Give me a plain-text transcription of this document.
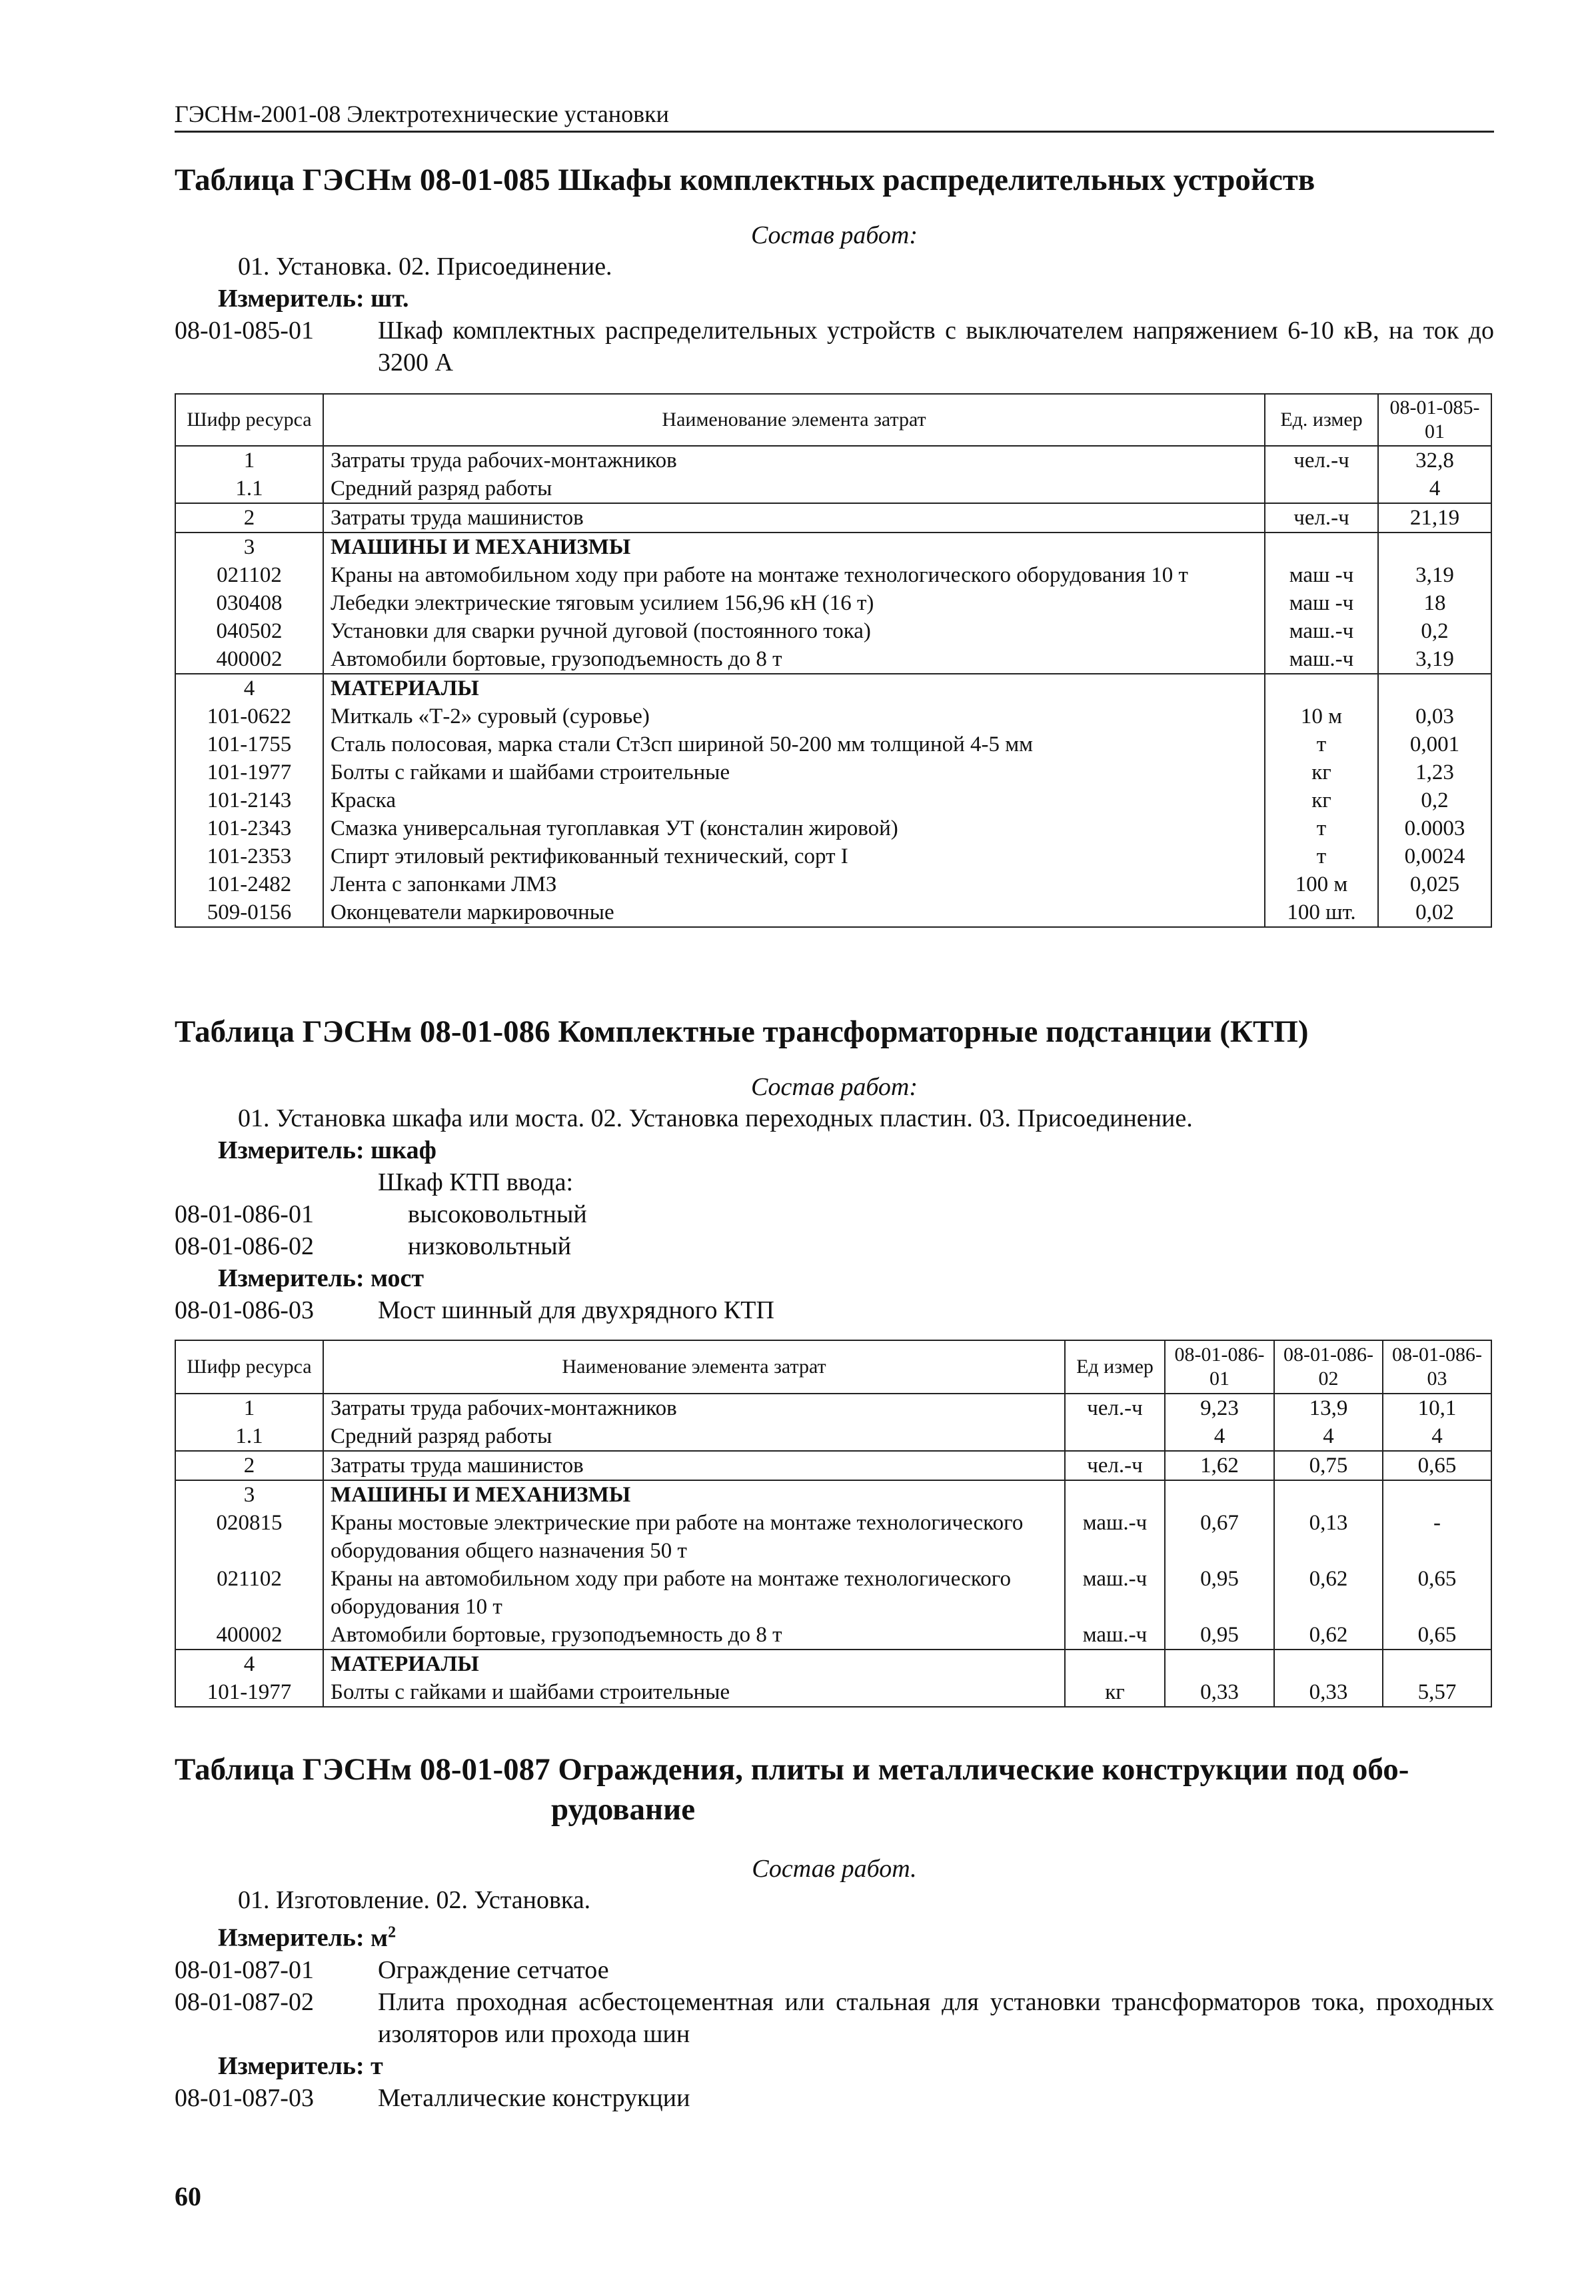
ГЭСНм-2001-08 Электротехнические установки
Таблица ГЭСНм 08-01-085 Шкафы комплектных распределительных устройств
Состав работ:
01. Установка. 02. Присоединение.
Измеритель: шт.
08-01-085-01	Шкаф комплектных распределительных устройств с выключателем напряжением 6-10 кВ, на ток до 3200 А
Шифр ресурса	Наименование элемента затрат	Ед. измер	08-01-085-01
1	Затраты труда рабочих-монтажников	чел.-ч	32,8
1.1	Средний разряд работы		4
2	Затраты труда машинистов	чел.-ч	21,19
3	МАШИНЫ И МЕХАНИЗМЫ		
021102	Краны на автомобильном ходу при работе на монтаже технологического оборудования 10 т	маш -ч	3,19
030408	Лебедки электрические тяговым усилием 156,96 кН (16 т)	маш -ч	18
040502	Установки для сварки ручной дуговой (постоянного тока)	маш.-ч	0,2
400002	Автомобили бортовые, грузоподъемность до 8 т	маш.-ч	3,19
4	МАТЕРИАЛЫ		
101-0622	Миткаль «Т-2» суровый (суровье)	10 м	0,03
101-1755	Сталь полосовая, марка стали Ст3сп шириной 50-200 мм толщиной 4-5 мм	т	0,001
101-1977	Болты с гайками и шайбами строительные	кг	1,23
101-2143	Краска	кг	0,2
101-2343	Смазка универсальная тугоплавкая УТ (консталин жировой)	т	0.0003
101-2353	Спирт этиловый ректификованный технический, сорт I	т	0,0024
101-2482	Лента с запонками ЛМЗ	100 м	0,025
509-0156	Оконцеватели маркировочные	100 шт.	0,02
Таблица ГЭСНм 08-01-086 Комплектные трансформаторные подстанции (КТП)
Состав работ:
01. Установка шкафа или моста. 02. Установка переходных пластин. 03. Присоединение.
Измеритель: шкаф
Шкаф КТП ввода:
08-01-086-01	высоковольтный
08-01-086-02	низковольтный
Измеритель: мост
08-01-086-03	Мост шинный для двухрядного КТП
Шифр ресурса	Наименование элемента затрат	Ед измер	08-01-086-01	08-01-086-02	08-01-086-03
1	Затраты труда рабочих-монтажников	чел.-ч	9,23	13,9	10,1
1.1	Средний разряд работы		4	4	4
2	Затраты труда машинистов	чел.-ч	1,62	0,75	0,65
3	МАШИНЫ И МЕХАНИЗМЫ				
020815	Краны мостовые электрические при работе на монтаже технологического оборудования общего назначения 50 т	маш.-ч	0,67	0,13	-
021102	Краны на автомобильном ходу при работе на монтаже технологического оборудования 10 т	маш.-ч	0,95	0,62	0,65
400002	Автомобили бортовые, грузоподъемность до 8 т	маш.-ч	0,95	0,62	0,65
4	МАТЕРИАЛЫ				
101-1977	Болты с гайками и шайбами строительные	кг	0,33	0,33	5,57
Таблица ГЭСНм 08-01-087 Ограждения, плиты и металлические конструкции под обо-
рудование
Состав работ.
01. Изготовление. 02. Установка.
Измеритель: $м^2$
08-01-087-01	Ограждение сетчатое
08-01-087-02	Плита проходная асбестоцементная или стальная для установки трансформаторов тока, проходных изоляторов или прохода шин
Измеритель: т
08-01-087-03	Металлические конструкции
60
